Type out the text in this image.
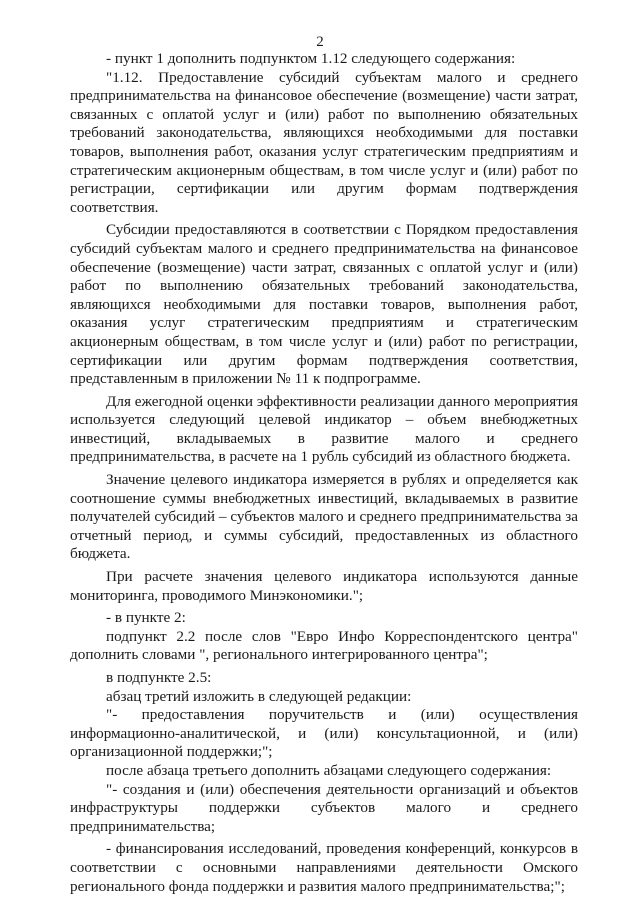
2

- пункт 1 дополнить подпунктом 1.12 следующего содержания:

"1.12. Предоставление субсидий субъектам малого и среднего предпринимательства на финансовое обеспечение (возмещение) части затрат, связанных с оплатой услуг и (или) работ по выполнению обязательных требований законодательства, являющихся необходимыми для поставки товаров, выполнения работ, оказания услуг стратегическим предприятиям и стратегическим акционерным обществам, в том числе услуг и (или) работ по регистрации, сертификации или другим формам подтверждения соответствия.

Субсидии предоставляются в соответствии с Порядком предоставления субсидий субъектам малого и среднего предпринимательства на финансовое обеспечение (возмещение) части затрат, связанных с оплатой услуг и (или) работ по выполнению обязательных требований законодательства, являющихся необходимыми для поставки товаров, выполнения работ, оказания услуг стратегическим предприятиям и стратегическим акционерным обществам, в том числе услуг и (или) работ по регистрации, сертификации или другим формам подтверждения соответствия, представленным в приложении № 11 к подпрограмме.

Для ежегодной оценки эффективности реализации данного мероприятия используется следующий целевой индикатор – объем внебюджетных инвестиций, вкладываемых в развитие малого и среднего предпринимательства, в расчете на 1 рубль субсидий из областного бюджета.

Значение целевого индикатора измеряется в рублях и определяется как соотношение суммы внебюджетных инвестиций, вкладываемых в развитие получателей субсидий – субъектов малого и среднего предпринимательства за отчетный период, и суммы субсидий, предоставленных из областного бюджета.

При расчете значения целевого индикатора используются данные мониторинга, проводимого Минэкономики.";

- в пункте 2:

подпункт 2.2 после слов "Евро Инфо Корреспондентского центра" дополнить словами ", регионального интегрированного центра";

в подпункте 2.5:

абзац третий изложить в следующей редакции:

"- предоставления поручительств и (или) осуществления информационно-аналитической, и (или) консультационной, и (или) организационной поддержки;";

после абзаца третьего дополнить абзацами следующего содержания:

"- создания и (или) обеспечения деятельности организаций и объектов инфраструктуры поддержки субъектов малого и среднего предпринимательства;

- финансирования исследований, проведения конференций, конкурсов в соответствии с основными направлениями деятельности Омского регионального фонда поддержки и развития малого предпринимательства;";
